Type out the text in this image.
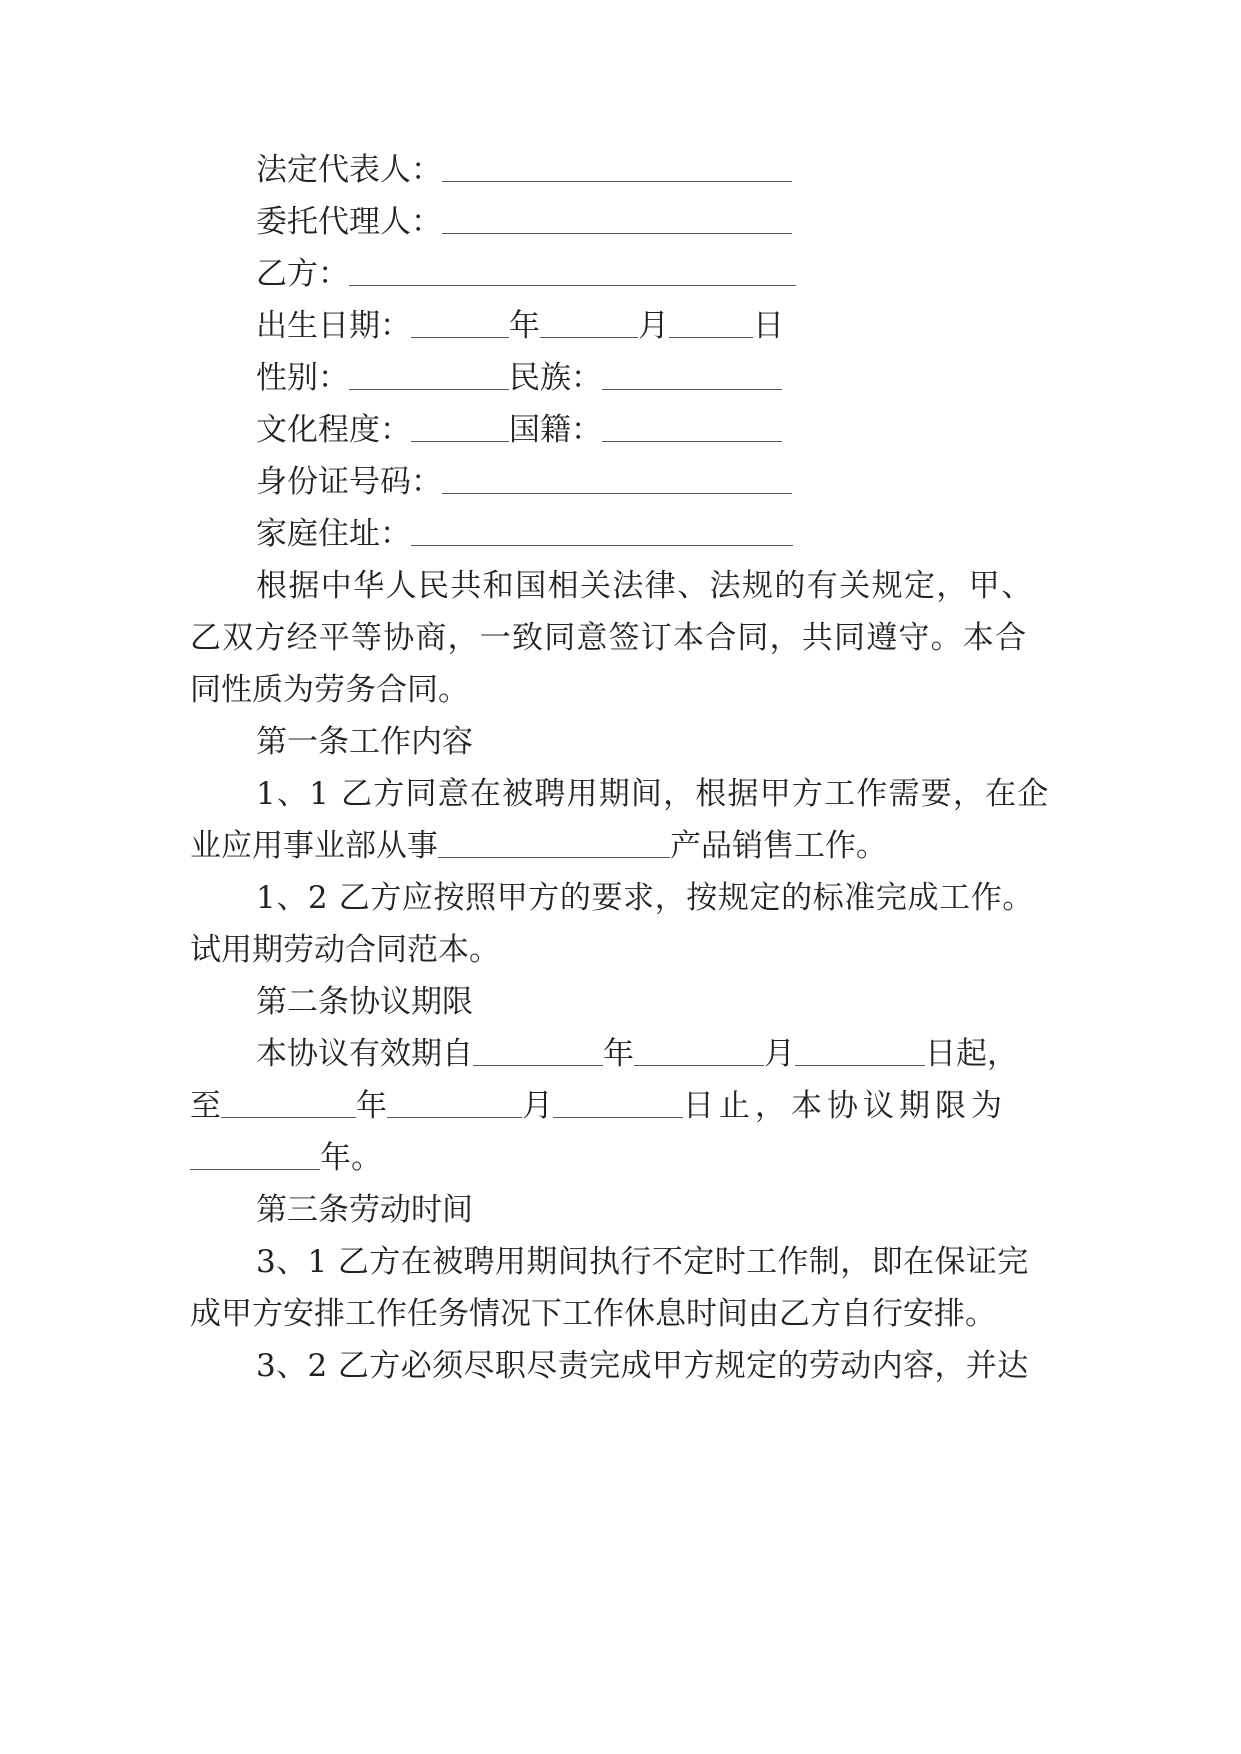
法定代表人：
委托代理人：
乙方：
出生日期：	年	月	日
性别：	民族：
文化程度：	国籍：
身份证号码：
家庭住址：
根据中华人民共和国相关法律、法规的有关规定，甲、
乙双方经平等协商，一致同意签订本合同，共同遵守。本合
同性质为劳务合同。
第一条工作内容
1、1 乙方同意在被聘用期间，根据甲方工作需要，在企
业应用事业部从事	产品销售工作。
1、2 乙方应按照甲方的要求，按规定的标准完成工作。
试用期劳动合同范本。
第二条协议期限
本协议有效期自	年	月	日起，
至	年	月	日止，本协议期限为
年。
第三条劳动时间
3、1 乙方在被聘用期间执行不定时工作制，即在保证完
成甲方安排工作任务情况下工作休息时间由乙方自行安排。
3、2 乙方必须尽职尽责完成甲方规定的劳动内容，并达
